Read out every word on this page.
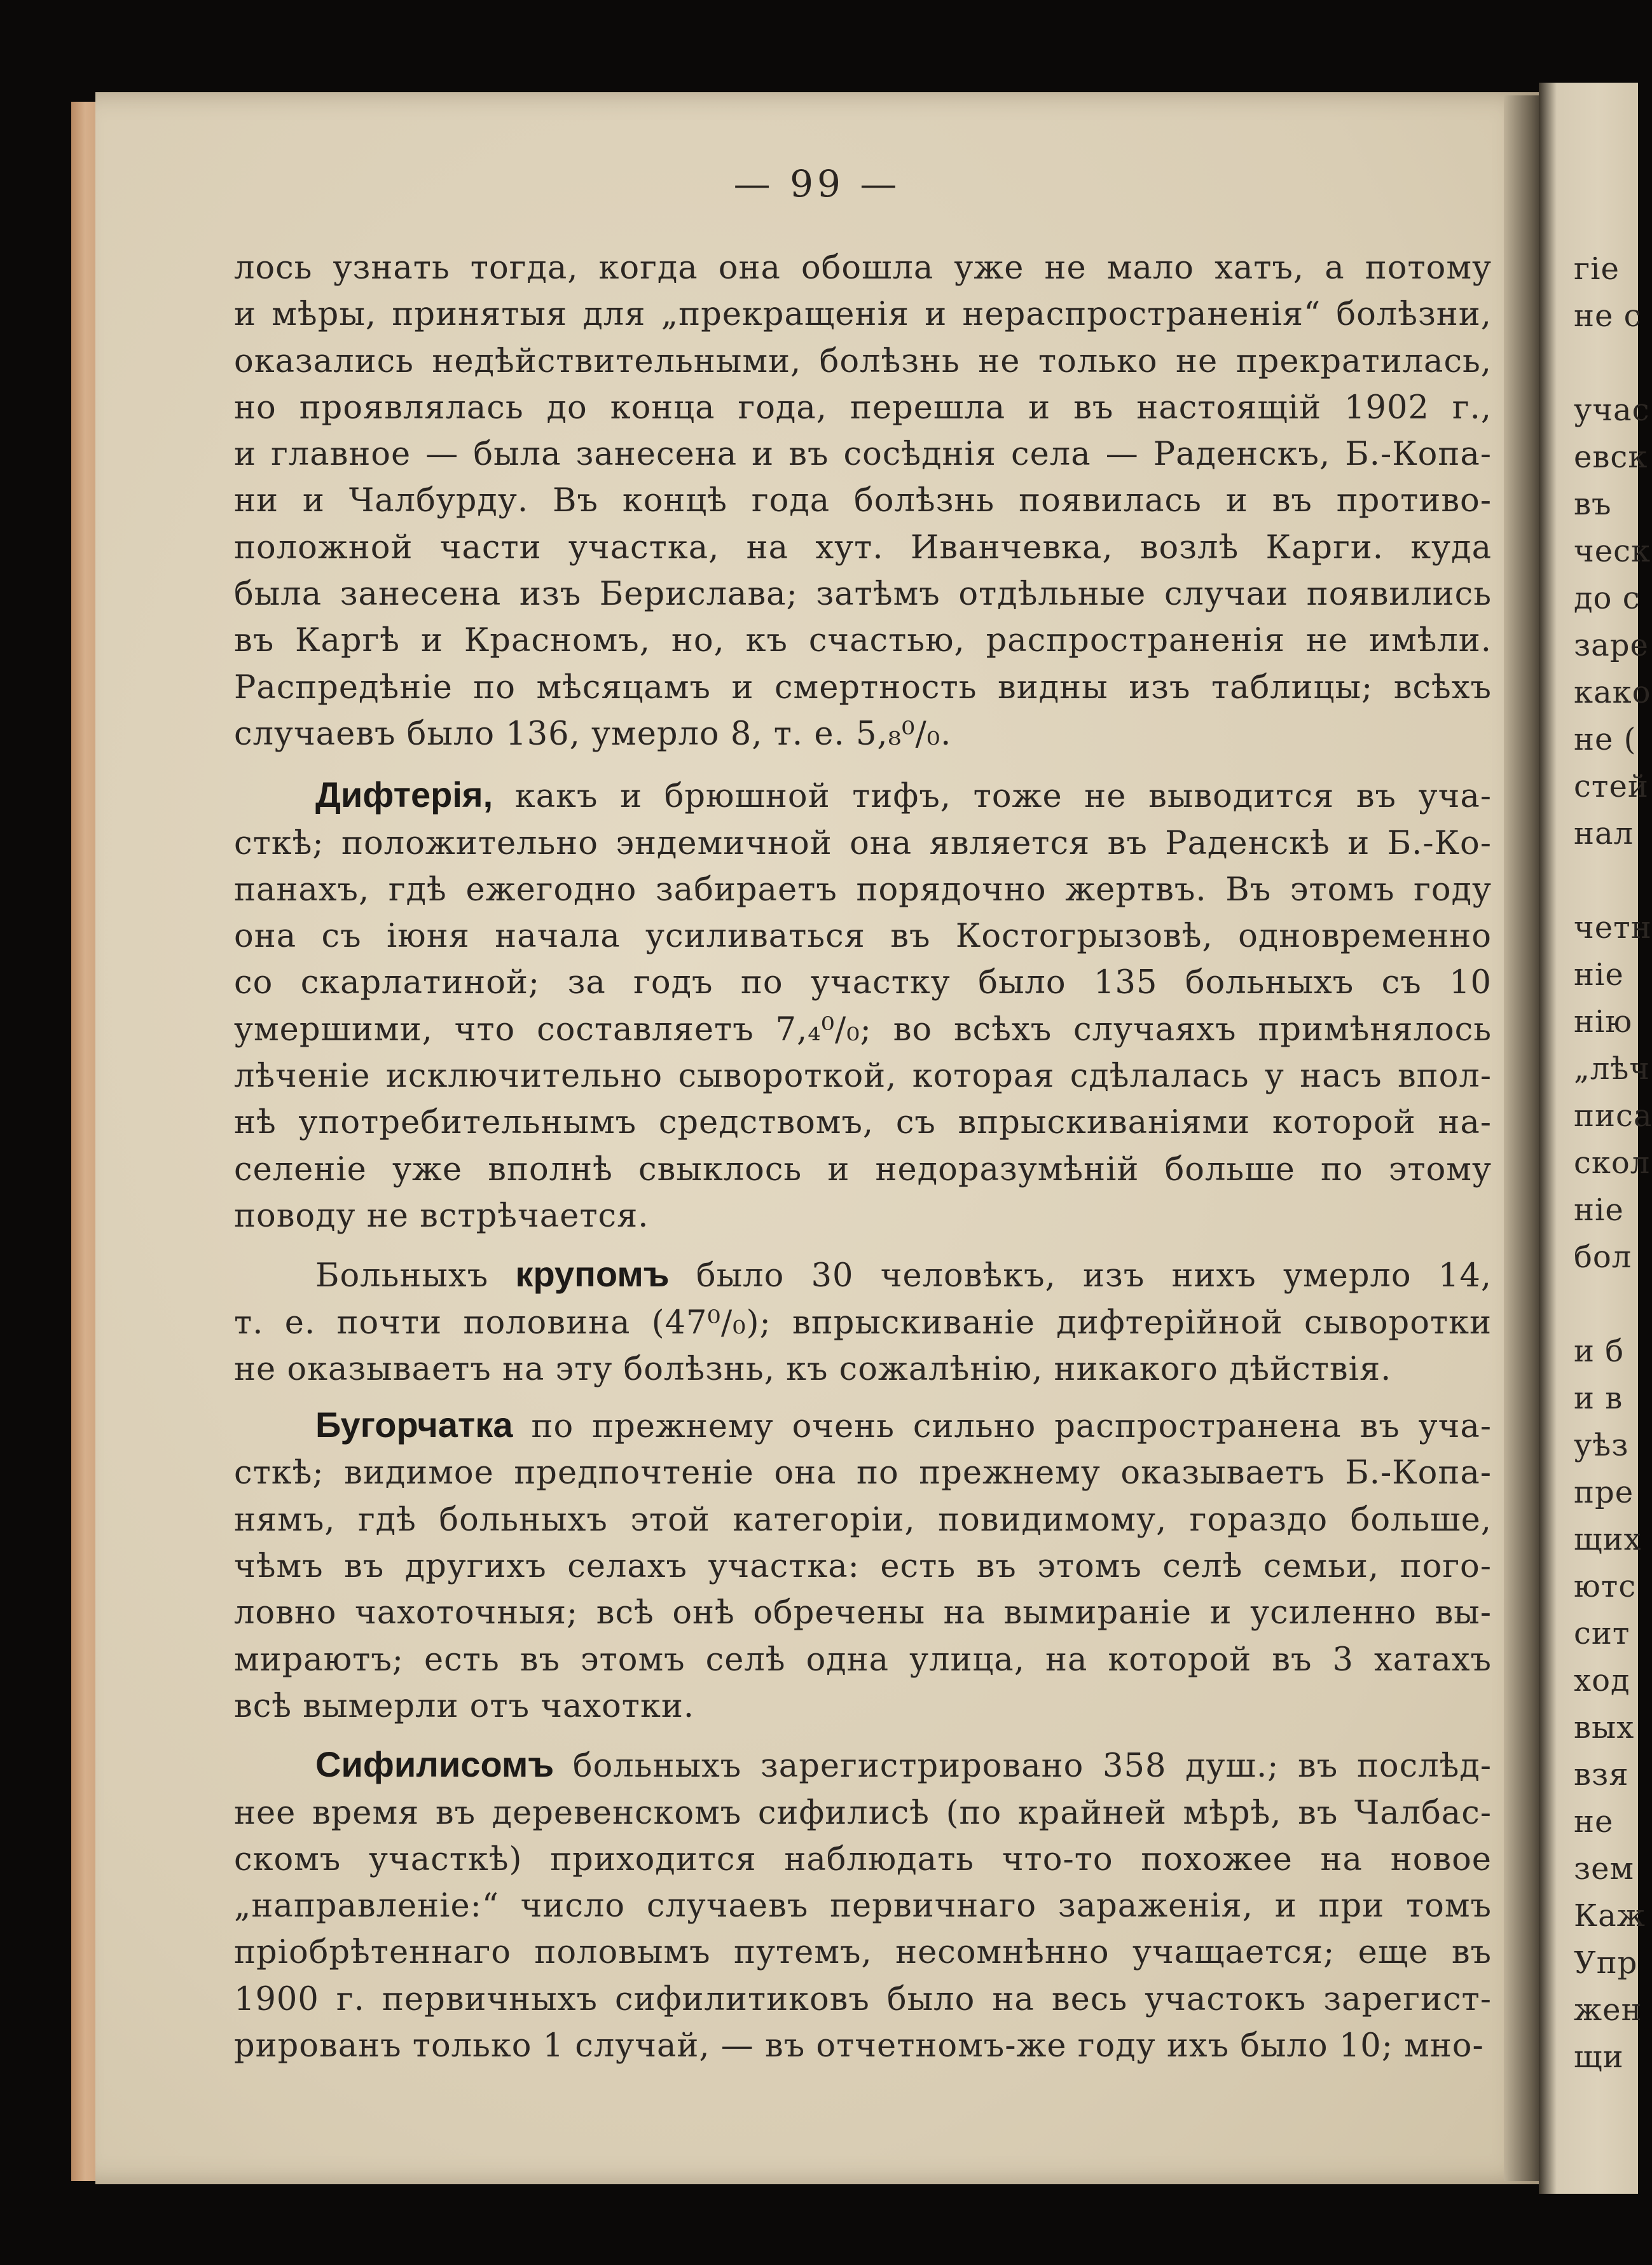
— 99 —
лось узнать тогда, когда она обошла уже не мало хатъ, а потому
и мѣры, принятыя для „прекращенія и нераспространенія“ болѣзни,
оказались недѣйствительными, болѣзнь не только не прекратилась,
но проявлялась до конца года, перешла и въ настоящій 1902 г.,
и главное — была занесена и въ сосѣднія села — Раденскъ, Б.-Копа-
ни и Чалбурду. Въ концѣ года болѣзнь появилась и въ противо-
положной части участка, на хут. Иванчевка, возлѣ Карги. куда
была занесена изъ Берислава; затѣмъ отдѣльные случаи появились
въ Каргѣ и Красномъ, но, къ счастью, распространенія не имѣли.
Распредѣніе по мѣсяцамъ и смертность видны изъ таблицы; всѣхъ
случаевъ было 136, умерло 8, т. е. 5,₈⁰/₀.
Дифтерія, какъ и брюшной тифъ, тоже не выводится въ уча-
сткѣ; положительно эндемичной она является въ Раденскѣ и Б.-Ко-
панахъ, гдѣ ежегодно забираетъ порядочно жертвъ. Въ этомъ году
она съ іюня начала усиливаться въ Костогрызовѣ, одновременно
со скарлатиной; за годъ по участку было 135 больныхъ съ 10
умершими, что составляетъ 7,₄⁰/₀; во всѣхъ случаяхъ примѣнялось
лѣченіе исключительно сывороткой, которая сдѣлалась у насъ впол-
нѣ употребительнымъ средствомъ, съ впрыскиваніями которой на-
селеніе уже вполнѣ свыклось и недоразумѣній больше по этому
поводу не встрѣчается.
Больныхъ крупомъ было 30 человѣкъ, изъ нихъ умерло 14,
т. е. почти половина (47⁰/₀); впрыскиваніе дифтерійной сыворотки
не оказываетъ на эту болѣзнь, къ сожалѣнію, никакого дѣйствія.
Бугорчатка по прежнему очень сильно распространена въ уча-
сткѣ; видимое предпочтеніе она по прежнему оказываетъ Б.-Копа-
нямъ, гдѣ больныхъ этой категоріи, повидимому, гораздо больше,
чѣмъ въ другихъ селахъ участка: есть въ этомъ селѣ семьи, пого-
ловно чахоточныя; всѣ онѣ обречены на вымираніе и усиленно вы-
мираютъ; есть въ этомъ селѣ одна улица, на которой въ 3 хатахъ
всѣ вымерли отъ чахотки.
Сифилисомъ больныхъ зарегистрировано 358 душ.; въ послѣд-
нее время въ деревенскомъ сифилисѣ (по крайней мѣрѣ, въ Чалбас-
скомъ участкѣ) приходится наблюдать что-то похожее на новое
„направленіе:“ число случаевъ первичнаго зараженія, и при томъ
пріобрѣтеннаго половымъ путемъ, несомнѣнно учащается; еще въ
1900 г. первичныхъ сифилитиковъ было на весь участокъ зарегист-
рированъ только 1 случай, — въ отчетномъ-же году ихъ было 10; мно-
гіе
не с
учас
евск
въ
ческ
до с
заре
како
не (
стей
нал
четн
ніе
нію
„лѣч
писа
скол
ніе
бол
и б
и в
уѣз
пре
щих
ютс
сит
ход
вых
взя
не
зем
Каж
Упр
жен
щи
